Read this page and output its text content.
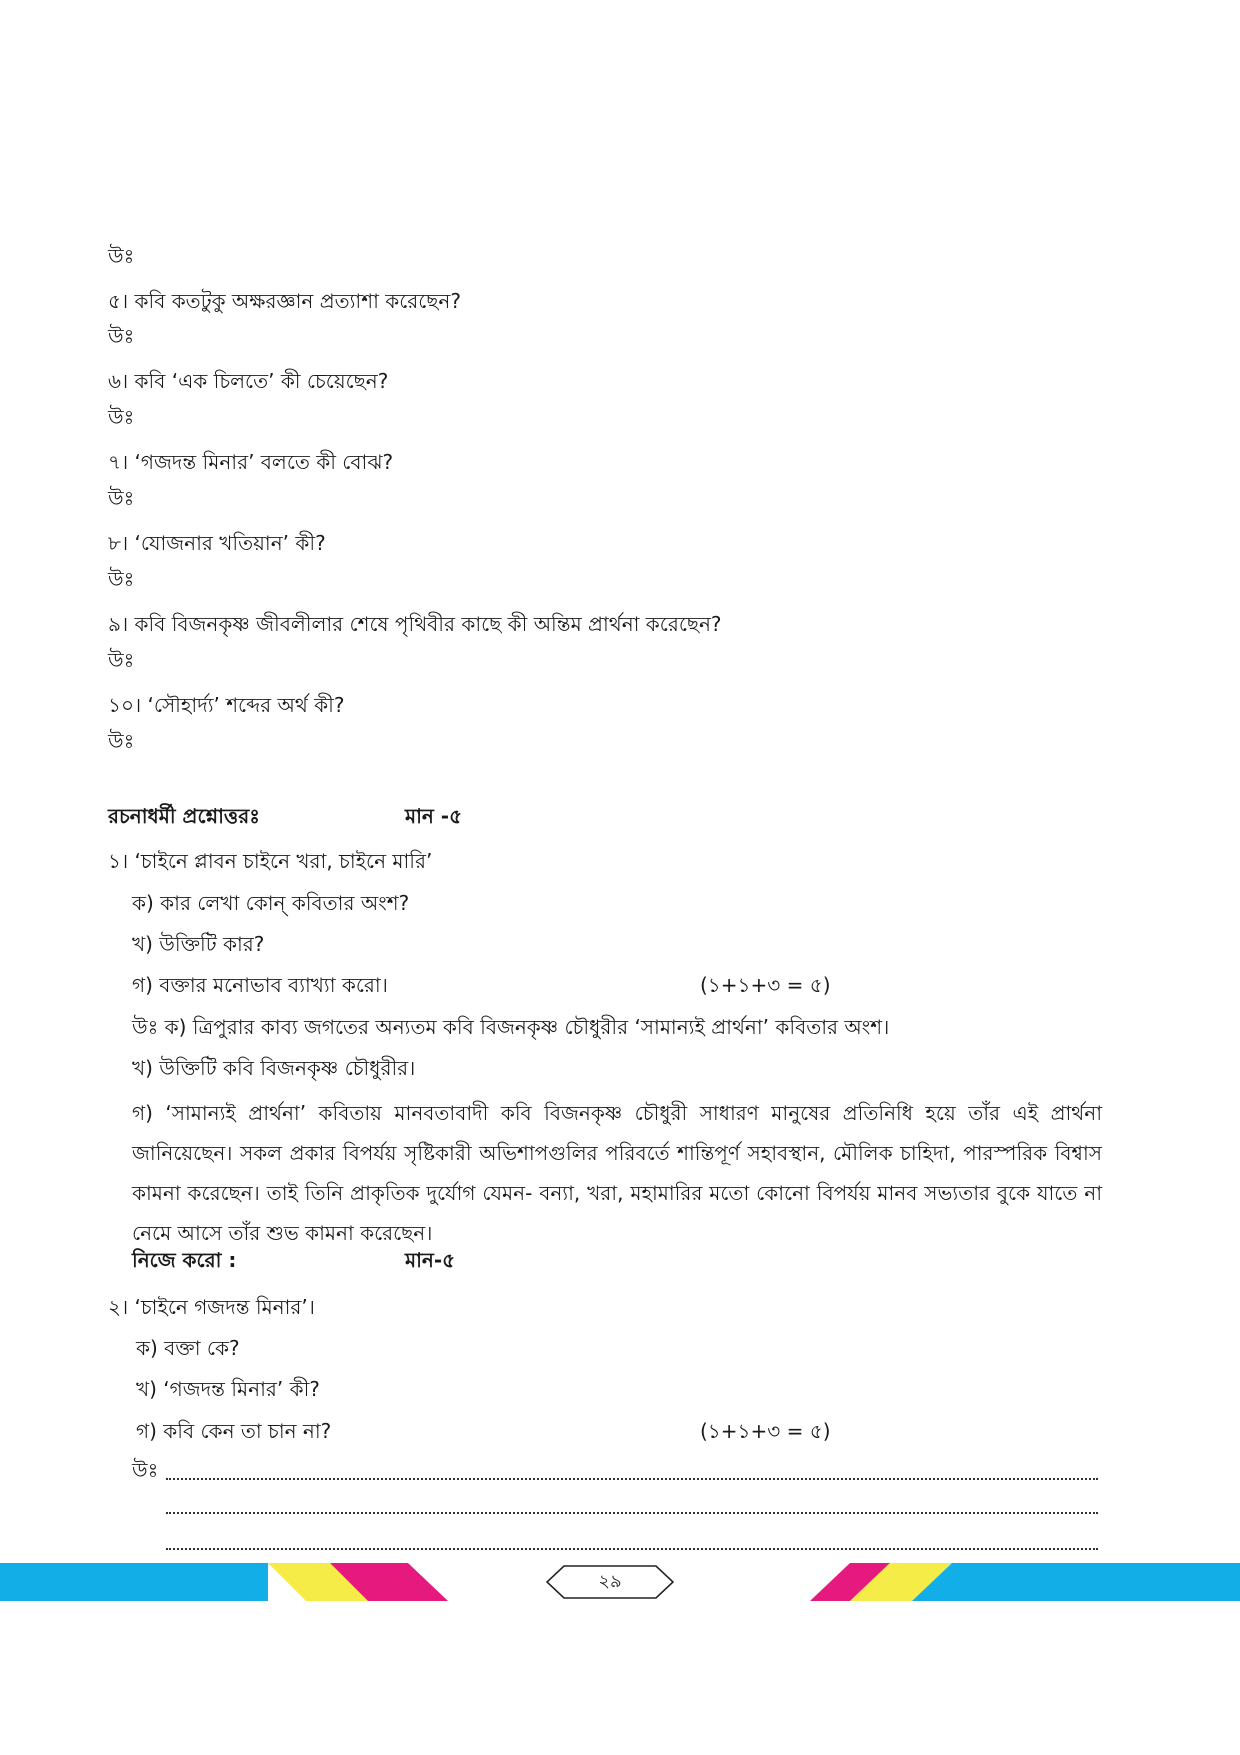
উঃ
৫। কবি কতটুকু অক্ষরজ্ঞান প্রত্যাশা করেছেন?
উঃ
৬। কবি ‘এক চিলতে’ কী চেয়েছেন?
উঃ
৭। ‘গজদন্ত মিনার’ বলতে কী বোঝ?
উঃ
৮। ‘যোজনার খতিয়ান’ কী?
উঃ
৯। কবি বিজনকৃষ্ণ জীবলীলার শেষে পৃথিবীর কাছে কী অন্তিম প্রার্থনা করেছেন?
উঃ
১০। ‘সৌহার্দ্য’ শব্দের অর্থ কী?
উঃ
রচনাধর্মী প্রশ্নোত্তরঃ	মান -৫
১। ‘চাইনে প্লাবন চাইনে খরা, চাইনে মারি’
ক) কার লেখা কোন্ কবিতার অংশ?
খ) উক্তিটি কার?
গ) বক্তার মনোভাব ব্যাখ্যা করো।	(১+১+৩ = ৫)
উঃ ক) ত্রিপুরার কাব্য জগতের অন্যতম কবি বিজনকৃষ্ণ চৌধুরীর ‘সামান্যই প্রার্থনা’ কবিতার অংশ।
খ) উক্তিটি কবি বিজনকৃষ্ণ চৌধুরীর।
গ) ‘সামান্যই প্রার্থনা’ কবিতায় মানবতাবাদী কবি বিজনকৃষ্ণ চৌধুরী সাধারণ মানুষের প্রতিনিধি হয়ে তাঁর এই প্রার্থনা জানিয়েছেন। সকল প্রকার বিপর্যয় সৃষ্টিকারী অভিশাপগুলির পরিবর্তে শান্তিপূর্ণ সহাবস্থান, মৌলিক চাহিদা, পারস্পরিক বিশ্বাস কামনা করেছেন। তাই তিনি প্রাকৃতিক দুর্যোগ যেমন- বন্যা, খরা, মহামারির মতো কোনো বিপর্যয় মানব সভ্যতার বুকে যাতে না নেমে আসে তাঁর শুভ কামনা করেছেন।
নিজে করো :	মান-৫
২। ‘চাইনে গজদন্ত মিনার’।
ক) বক্তা কে?
খ) ‘গজদন্ত মিনার’ কী?
গ) কবি কেন তা চান না?	(১+১+৩ = ৫)
উঃ
২৯
